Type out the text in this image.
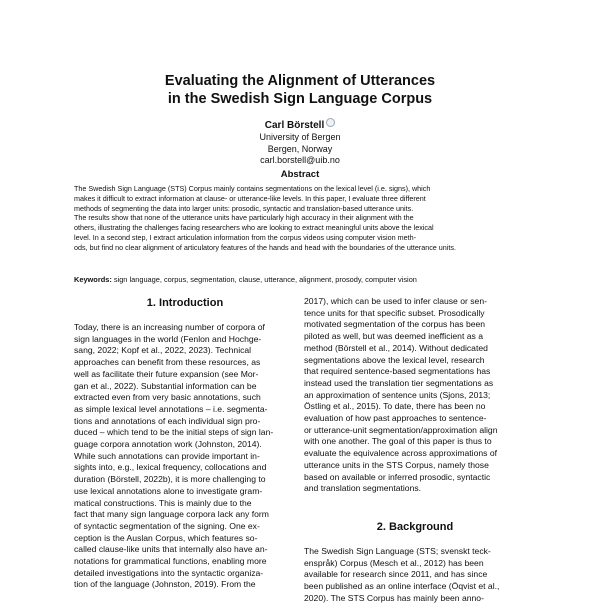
Evaluating the Alignment of Utterances
in the Swedish Sign Language Corpus
Carl Börstell
University of Bergen
Bergen, Norway
carl.borstell@uib.no
Abstract
The Swedish Sign Language (STS) Corpus mainly contains segmentations on the lexical level (i.e. signs), which
makes it difficult to extract information at clause- or utterance-like levels. In this paper, I evaluate three different
methods of segmenting the data into larger units: prosodic, syntactic and translation-based utterance units.
The results show that none of the utterance units have particularly high accuracy in their alignment with the
others, illustrating the challenges facing researchers who are looking to extract meaningful units above the lexical
level. In a second step, I extract articulation information from the corpus videos using computer vision meth-
ods, but find no clear alignment of articulatory features of the hands and head with the boundaries of the utterance units.
Keywords: sign language, corpus, segmentation, clause, utterance, alignment, prosody, computer vision
1. Introduction
Today, there is an increasing number of corpora of
sign languages in the world (Fenlon and Hochge-
sang, 2022; Kopf et al., 2022, 2023). Technical
approaches can benefit from these resources, as
well as facilitate their future expansion (see Mor-
gan et al., 2022). Substantial information can be
extracted even from very basic annotations, such
as simple lexical level annotations – i.e. segmenta-
tions and annotations of each individual sign pro-
duced – which tend to be the initial steps of sign lan-
guage corpora annotation work (Johnston, 2014).
While such annotations can provide important in-
sights into, e.g., lexical frequency, collocations and
duration (Börstell, 2022b), it is more challenging to
use lexical annotations alone to investigate gram-
matical constructions. This is mainly due to the
fact that many sign language corpora lack any form
of syntactic segmentation of the signing. One ex-
ception is the Auslan Corpus, which features so-
called clause-like units that internally also have an-
notations for grammatical functions, enabling more
detailed investigations into the syntactic organiza-
tion of the language (Johnston, 2019). From the
2017), which can be used to infer clause or sen-
tence units for that specific subset. Prosodically
motivated segmentation of the corpus has been
piloted as well, but was deemed inefficient as a
method (Börstell et al., 2014). Without dedicated
segmentations above the lexical level, research
that required sentence-based segmentations has
instead used the translation tier segmentations as
an approximation of sentence units (Sjons, 2013;
Östling et al., 2015). To date, there has been no
evaluation of how past approaches to sentence-
or utterance-unit segmentation/approximation align
with one another. The goal of this paper is thus to
evaluate the equivalence across approximations of
utterance units in the STS Corpus, namely those
based on available or inferred prosodic, syntactic
and translation segmentations.
2. Background
The Swedish Sign Language (STS; svenskt teck-
enspråk) Corpus (Mesch et al., 2012) has been
available for research since 2011, and has since
been published as an online interface (Öqvist et al.,
2020). The STS Corpus has mainly been anno-
